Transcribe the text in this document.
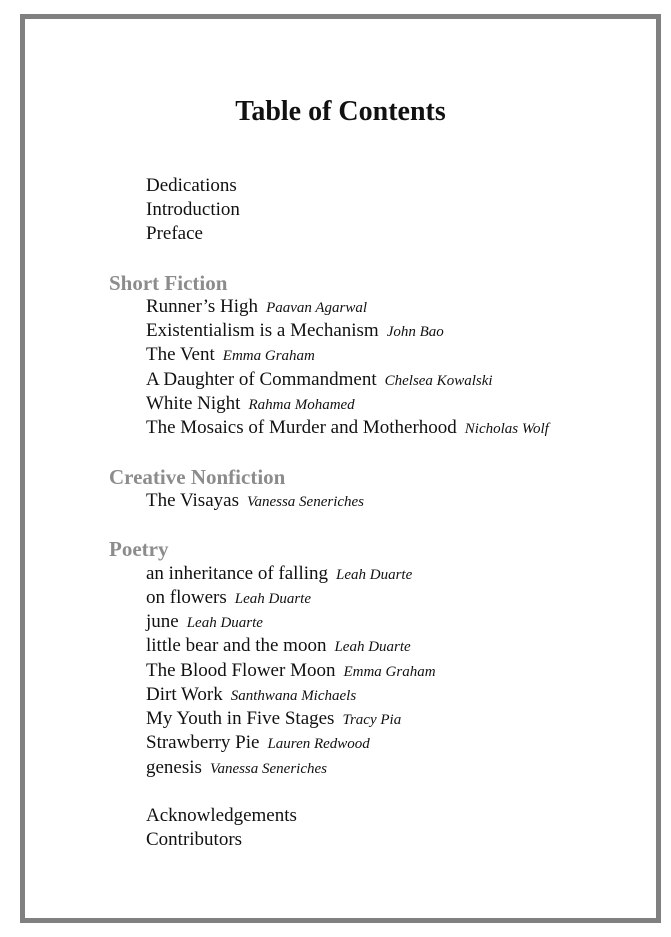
Table of Contents
Dedications
Introduction
Preface
Short Fiction
Runner’s High Paavan Agarwal
Existentialism is a Mechanism John Bao
The Vent Emma Graham
A Daughter of Commandment Chelsea Kowalski
White Night Rahma Mohamed
The Mosaics of Murder and Motherhood Nicholas Wolf
Creative Nonfiction
The Visayas Vanessa Seneriches
Poetry
an inheritance of falling Leah Duarte
on flowers Leah Duarte
june Leah Duarte
little bear and the moon Leah Duarte
The Blood Flower Moon Emma Graham
Dirt Work Santhwana Michaels
My Youth in Five Stages Tracy Pia
Strawberry Pie Lauren Redwood
genesis Vanessa Seneriches
Acknowledgements
Contributors
